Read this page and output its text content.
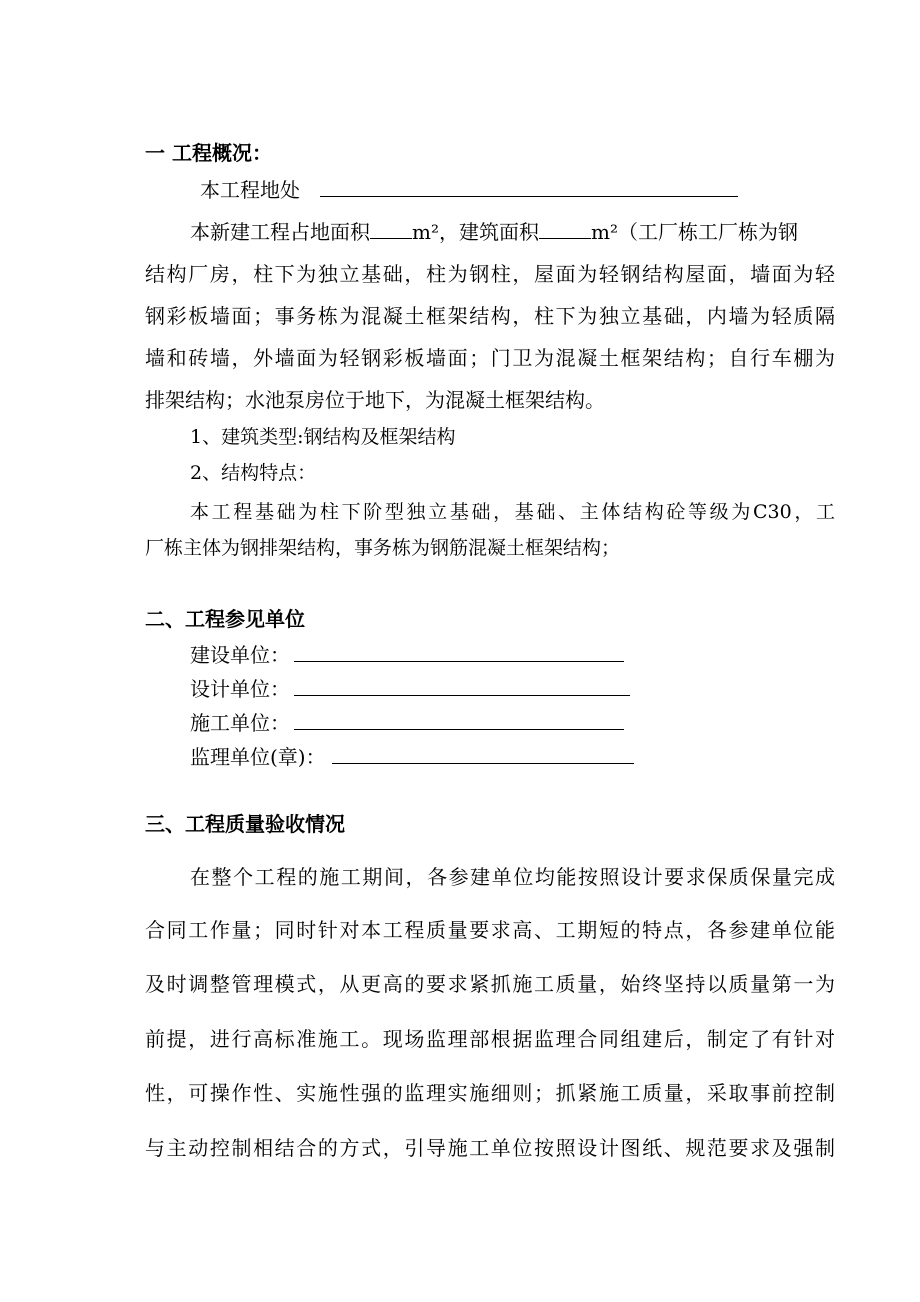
一 工程概况：
本工程地处
本新建工程占地面积 m²，建筑面积	m²（工厂栋工厂栋为钢
结构厂房，柱下为独立基础，柱为钢柱，屋面为轻钢结构屋面，墙面为轻
钢彩板墙面；事务栋为混凝土框架结构，柱下为独立基础，内墙为轻质隔
墙和砖墙，外墙面为轻钢彩板墙面；门卫为混凝土框架结构；自行车棚为
排架结构；水池泵房位于地下，为混凝土框架结构。
1、建筑类型:钢结构及框架结构
2、结构特点：
本工程基础为柱下阶型独立基础，基础、主体结构砼等级为C30，工
厂栋主体为钢排架结构，事务栋为钢筋混凝土框架结构；
二、工程参见单位
建设单位：
设计单位：
施工单位：
监理单位(章)：
三、工程质量验收情况
在整个工程的施工期间，各参建单位均能按照设计要求保质保量完成
合同工作量；同时针对本工程质量要求高、工期短的特点，各参建单位能
及时调整管理模式，从更高的要求紧抓施工质量，始终坚持以质量第一为
前提，进行高标准施工。现场监理部根据监理合同组建后，制定了有针对
性，可操作性、实施性强的监理实施细则；抓紧施工质量，采取事前控制
与主动控制相结合的方式，引导施工单位按照设计图纸、规范要求及强制
